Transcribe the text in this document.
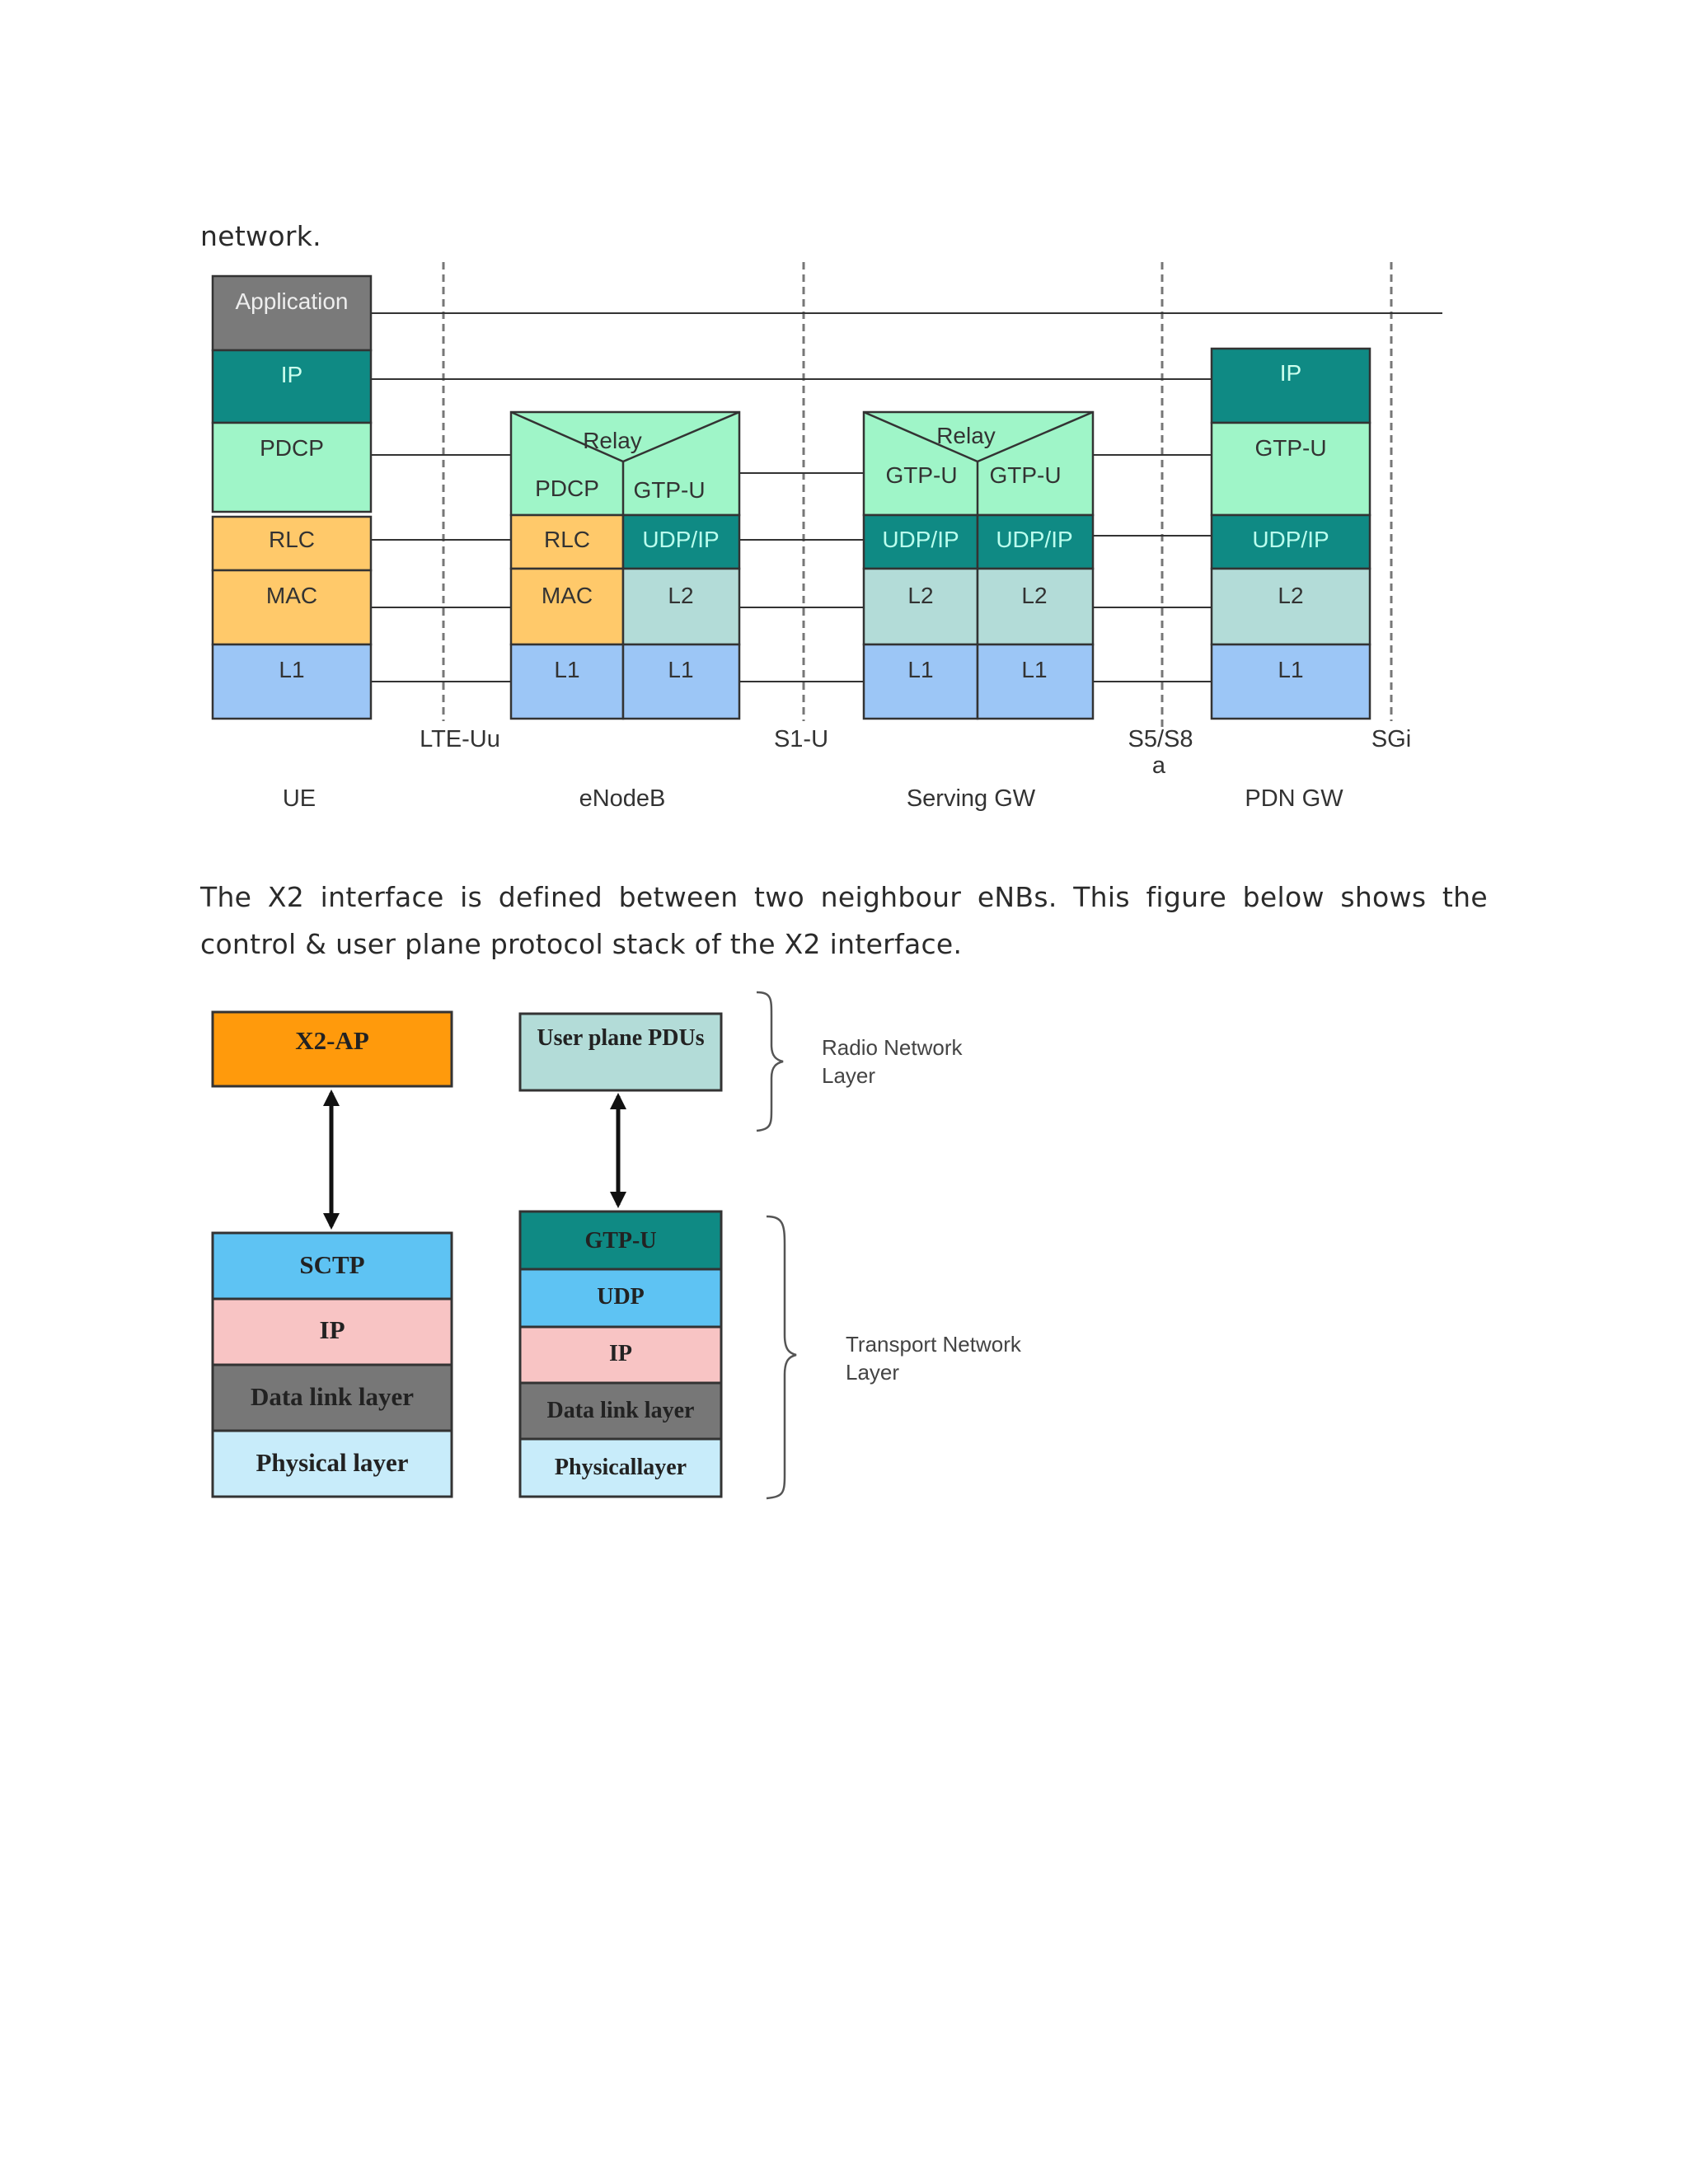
network.

Application
IP
PDCP
RLC
MAC
L1
Relay
PDCP GTP-U
RLC UDP/IP
MAC	L2
L1	L1
Relay
GTP-U GTP-U
UDP/IP UDP/IP
L2	L2
L1	L1
IP
GTP-U
UDP/IP
L2
L1
LTE-Uu	S1-U	S5/S8
a
SGi
UE	eNodeB	Serving GW	PDN GW

The X2 interface is defined between two neighbour eNBs. This figure below shows the control & user plane protocol stack of the X2 interface.

X2-AP
SCTP
IP
Data link layer
Physical layer
User plane PDUs
GTP-U
UDP
IP
Data link layer
Physicallayer
Radio Network
Layer
Transport Network
Layer
